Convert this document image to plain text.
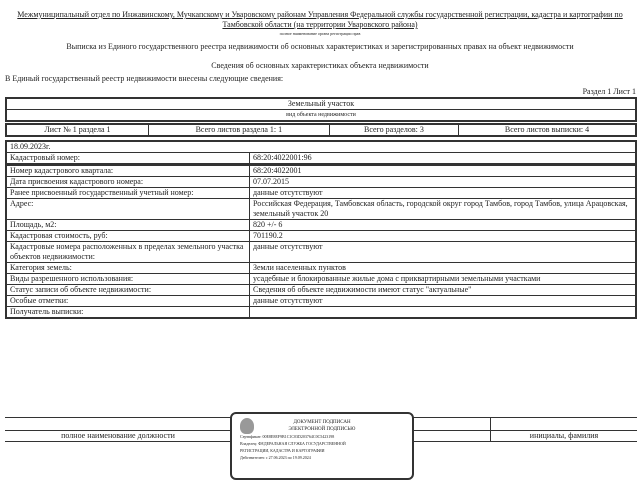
Межмуниципальный отдел по Инжавинскому, Мучкапскому и Уваровскому районам Управления Федеральной службы государственной регистрации, кадастра и картографии по Тамбовской области (на территории Уваровского района)
полное наименование органа регистрации прав
Выписка из Единого государственного реестра недвижимости об основных характеристиках и зарегистрированных правах на объект недвижимости
Сведения об основных характеристиках объекта недвижимости
В Единый государственный реестр недвижимости внесены следующие сведения:
Раздел 1 Лист 1
Земельный участок
вид объекта недвижимости
Лист № 1 раздела 1	Всего листов раздела 1: 1	Всего разделов: 3	Всего листов выписки: 4
18.09.2023г.
Кадастровый номер:	68:20:4022001:96
Номер кадастрового квартала:	68:20:4022001
Дата присвоения кадастрового номера:	07.07.2015
Ранее присвоенный государственный учетный номер:	данные отсутствуют
Адрес:	Российская Федерация, Тамбовская область, городской округ город Тамбов, город Тамбов, улица Арацовская, земельный участок 20
Площадь, м2:	820 +/- 6
Кадастровая стоимость, руб:	701190.2
Кадастровые номера расположенных в пределах земельного участка объектов недвижимости:	данные отсутствуют
Категория земель:	Земли населенных пунктов
Виды разрешенного использования:	усадебные и блокированные жилые дома с приквартирными земельными участками
Статус записи об объекте недвижимости:	Сведения об объекте недвижимости имеют статус "актуальные"
Особые отметки:	данные отсутствуют
Получатель выписки:	

полное наименование должности		инициалы, фамилия
ДОКУМЕНТ ПОДПИСАН
ЭЛЕКТРОННОЙ ПОДПИСЬЮ
Сертификат: 00E8E8EF9B1C1C03D203764C0C5423198
Владелец: ФЕДЕРАЛЬНАЯ СЛУЖБА ГОСУДАРСТВЕННОЙ
РЕГИСТРАЦИИ, КАДАСТРА И КАРТОГРАФИИ
Действителен: с 27.06.2023 по 19.09.2024
